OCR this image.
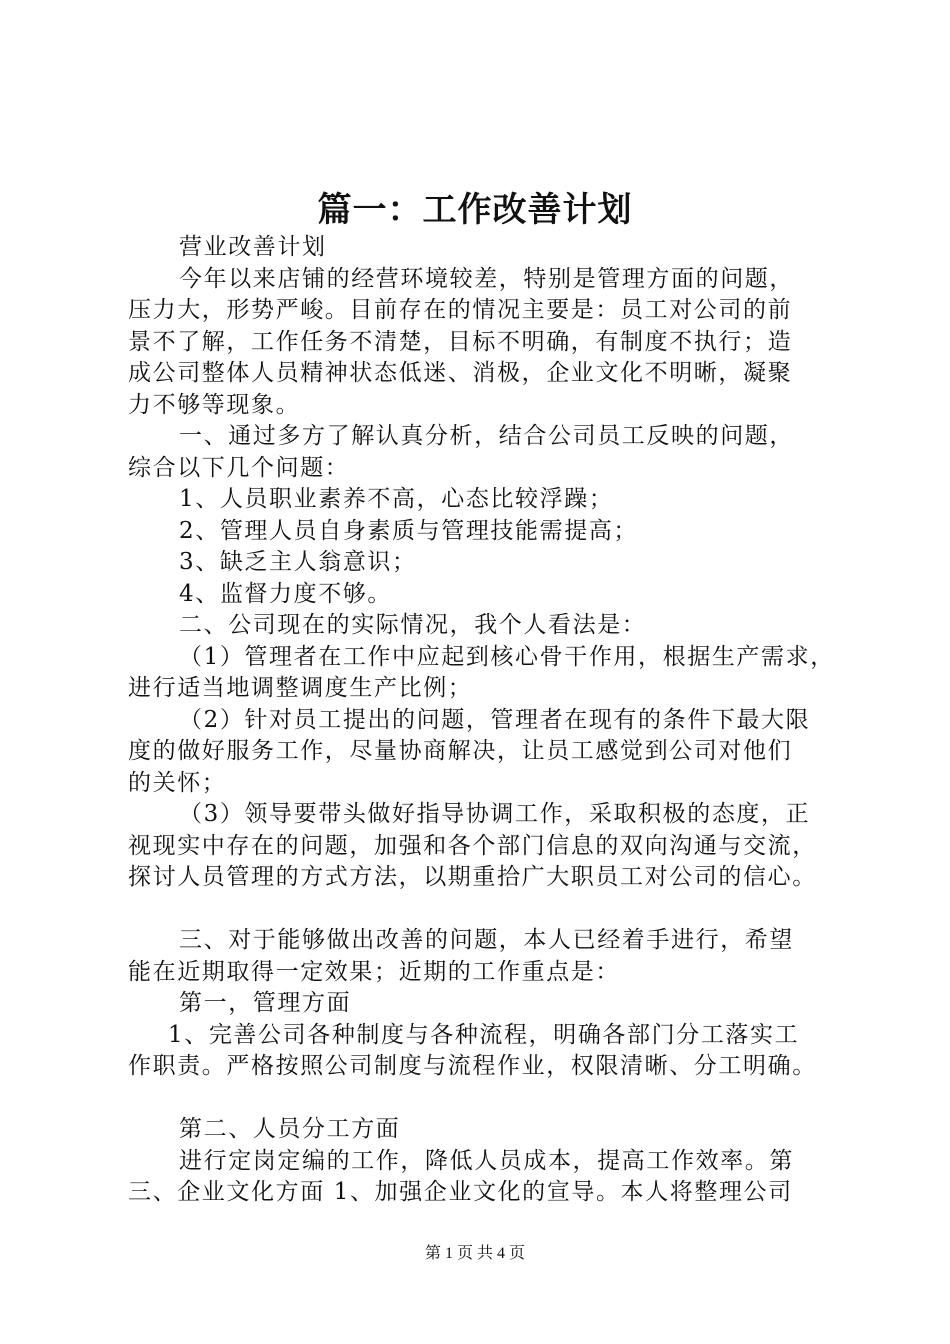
篇一：工作改善计划
营业改善计划
今年以来店铺的经营环境较差，特别是管理方面的问题，
压力大，形势严峻。目前存在的情况主要是：员工对公司的前
景不了解，工作任务不清楚，目标不明确，有制度不执行；造
成公司整体人员精神状态低迷、消极，企业文化不明晰，凝聚
力不够等现象。
一、通过多方了解认真分析，结合公司员工反映的问题，
综合以下几个问题：
1、人员职业素养不高，心态比较浮躁；
2、管理人员自身素质与管理技能需提高；
3、缺乏主人翁意识；
4、监督力度不够。
二、公司现在的实际情况，我个人看法是：
（1）管理者在工作中应起到核心骨干作用，根据生产需求，
进行适当地调整调度生产比例；
（2）针对员工提出的问题，管理者在现有的条件下最大限
度的做好服务工作，尽量协商解决，让员工感觉到公司对他们
的关怀；
（3）领导要带头做好指导协调工作，采取积极的态度，正
视现实中存在的问题，加强和各个部门信息的双向沟通与交流，
探讨人员管理的方式方法，以期重拾广大职员工对公司的信心。
三、对于能够做出改善的问题，本人已经着手进行，希望
能在近期取得一定效果；近期的工作重点是：
第一，管理方面
1、完善公司各种制度与各种流程，明确各部门分工落实工
作职责。严格按照公司制度与流程作业，权限清晰、分工明确。
第二、人员分工方面
进行定岗定编的工作，降低人员成本，提高工作效率。第
三、企业文化方面 1、加强企业文化的宣导。本人将整理公司
第 1 页 共 4 页
